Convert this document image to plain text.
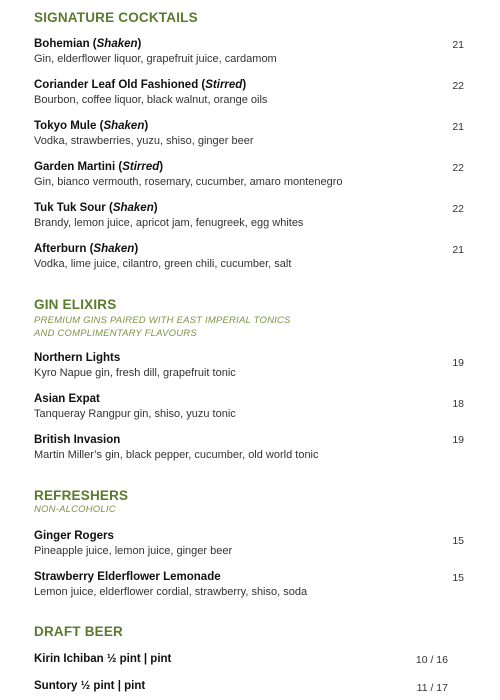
SIGNATURE COCKTAILS
Bohemian (Shaken)
Gin, elderflower liquor, grapefruit juice, cardamom
21
Coriander Leaf Old Fashioned (Stirred)
Bourbon, coffee liquor, black walnut, orange oils
22
Tokyo Mule (Shaken)
Vodka, strawberries, yuzu, shiso, ginger beer
21
Garden Martini (Stirred)
Gin, bianco vermouth, rosemary, cucumber, amaro montenegro
22
Tuk Tuk Sour (Shaken)
Brandy, lemon juice, apricot jam, fenugreek, egg whites
22
Afterburn (Shaken)
Vodka, lime juice, cilantro, green chili, cucumber, salt
21
GIN ELIXIRS
PREMIUM GINS PAIRED WITH EAST IMPERIAL TONICS
AND COMPLIMENTARY FLAVOURS
Northern Lights
Kyro Napue gin, fresh dill, grapefruit tonic
19
Asian Expat
Tanqueray Rangpur gin, shiso, yuzu tonic
18
British Invasion
Martin Miller’s gin, black pepper, cucumber, old world tonic
19
REFRESHERS
NON-ALCOHOLIC
Ginger Rogers
Pineapple juice, lemon juice, ginger beer
15
Strawberry Elderflower Lemonade
Lemon juice, elderflower cordial, strawberry, shiso, soda
15
DRAFT BEER
Kirin Ichiban ½ pint | pint	10 / 16
Suntory ½ pint | pint	11 / 17
